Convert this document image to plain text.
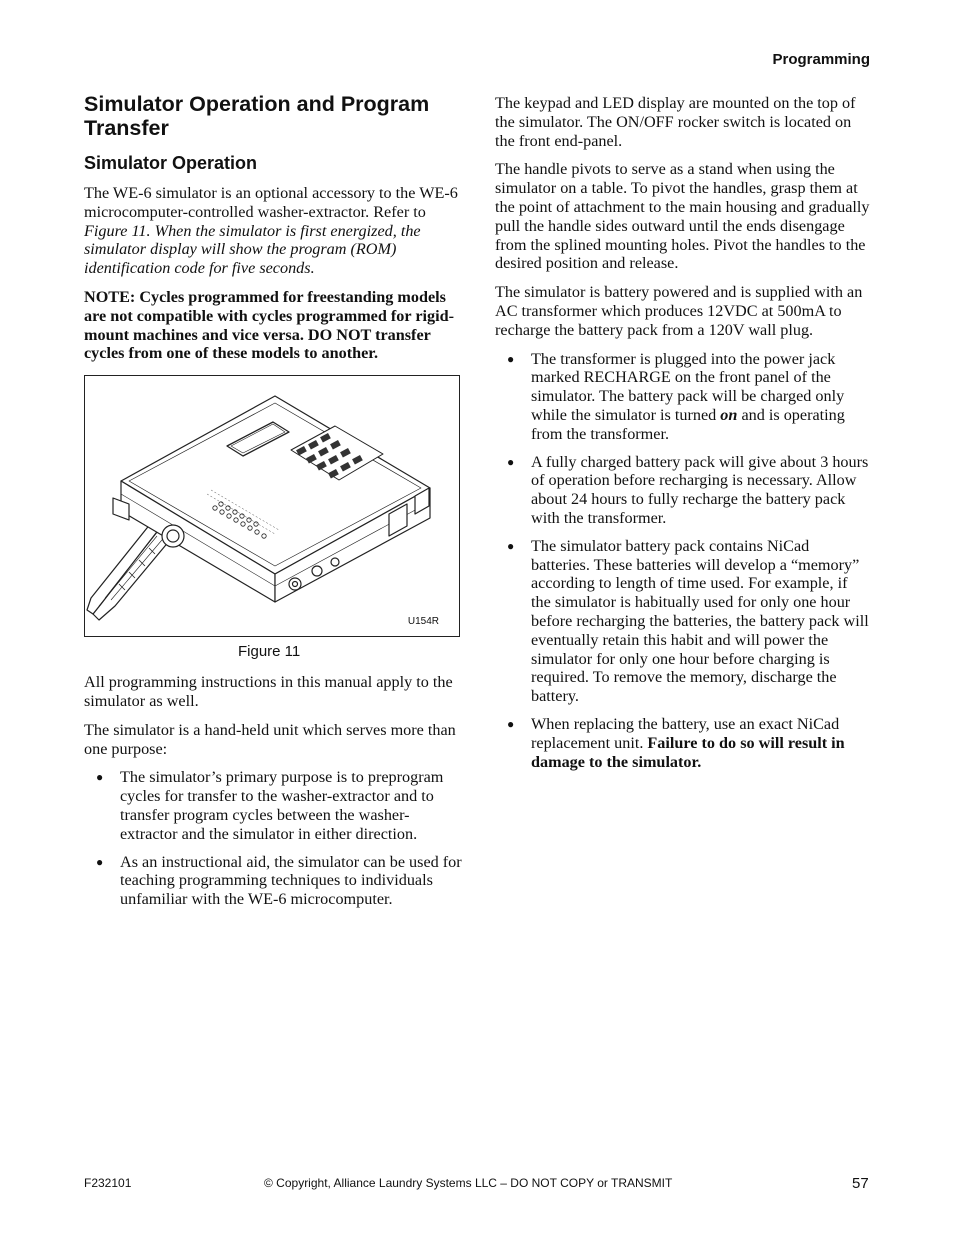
Programming
Simulator Operation and Program Transfer
Simulator Operation

The WE-6 simulator is an optional accessory to the WE-6 microcomputer-controlled washer-extractor. Refer to Figure 11. When the simulator is first energized, the simulator display will show the program (ROM) identification code for five seconds.

NOTE: Cycles programmed for freestanding models are not compatible with cycles programmed for rigid-mount machines and vice versa. DO NOT transfer cycles from one of these models to another.

U154R
Figure 11

All programming instructions in this manual apply to the simulator as well.

The simulator is a hand-held unit which serves more than one purpose:

● The simulator’s primary purpose is to preprogram cycles for transfer to the washer-extractor and to transfer program cycles between the washer-extractor and the simulator in either direction.
● As an instructional aid, the simulator can be used for teaching programming techniques to individuals unfamiliar with the WE-6 microcomputer.

The keypad and LED display are mounted on the top of the simulator. The ON/OFF rocker switch is located on the front end-panel.

The handle pivots to serve as a stand when using the simulator on a table. To pivot the handles, grasp them at the point of attachment to the main housing and gradually pull the handle sides outward until the ends disengage from the splined mounting holes. Pivot the handles to the desired position and release.

The simulator is battery powered and is supplied with an AC transformer which produces 12VDC at 500mA to recharge the battery pack from a 120V wall plug.

● The transformer is plugged into the power jack marked RECHARGE on the front panel of the simulator. The battery pack will be charged only while the simulator is turned on and is operating from the transformer.
● A fully charged battery pack will give about 3 hours of operation before recharging is necessary. Allow about 24 hours to fully recharge the battery pack with the transformer.
● The simulator battery pack contains NiCad batteries. These batteries will develop a “memory” according to length of time used. For example, if the simulator is habitually used for only one hour before recharging the batteries, the battery pack will eventually retain this habit and will power the simulator for only one hour before charging is required. To remove the memory, discharge the battery.
● When replacing the battery, use an exact NiCad replacement unit. Failure to do so will result in damage to the simulator.
F232101	© Copyright, Alliance Laundry Systems LLC – DO NOT COPY or TRANSMIT	57
